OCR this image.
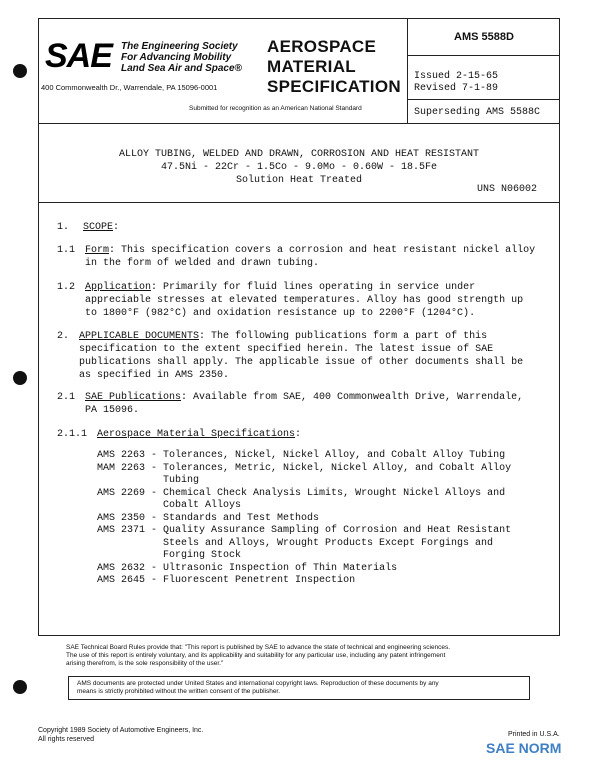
SAE The Engineering Society
For Advancing Mobility
Land Sea Air and Space®
400 Commonwealth Dr., Warrendale, PA 15096-0001
Submitted for recognition as an American National Standard
AEROSPACE
MATERIAL
SPECIFICATION
AMS 5588D
Issued 2-15-65
Revised 7-1-89
Superseding AMS 5588C
ALLOY TUBING, WELDED AND DRAWN, CORROSION AND HEAT RESISTANT
47.5Ni - 22Cr - 1.5Co - 9.0Mo - 0.60W - 18.5Fe
Solution Heat Treated
UNS N06002
1. SCOPE:
1.1 Form: This specification covers a corrosion and heat resistant nickel alloy
in the form of welded and drawn tubing.
1.2 Application: Primarily for fluid lines operating in service under
appreciable stresses at elevated temperatures. Alloy has good strength up
to 1800°F (982°C) and oxidation resistance up to 2200°F (1204°C).
2. APPLICABLE DOCUMENTS: The following publications form a part of this
specification to the extent specified herein. The latest issue of SAE
publications shall apply. The applicable issue of other documents shall be
as specified in AMS 2350.
2.1 SAE Publications: Available from SAE, 400 Commonwealth Drive, Warrendale,
PA 15096.
2.1.1 Aerospace Material Specifications:
AMS 2263 - Tolerances, Nickel, Nickel Alloy, and Cobalt Alloy Tubing
MAM 2263 - Tolerances, Metric, Nickel, Nickel Alloy, and Cobalt Alloy
Tubing
AMS 2269 - Chemical Check Analysis Limits, Wrought Nickel Alloys and
Cobalt Alloys
AMS 2350 - Standards and Test Methods
AMS 2371 - Quality Assurance Sampling of Corrosion and Heat Resistant
Steels and Alloys, Wrought Products Except Forgings and
Forging Stock
AMS 2632 - Ultrasonic Inspection of Thin Materials
AMS 2645 - Fluorescent Penetrent Inspection
SAE Technical Board Rules provide that: "This report is published by SAE to advance the state of technical and engineering sciences.
The use of this report is entirely voluntary, and its applicability and suitability for any particular use, including any patent infringement
arising therefrom, is the sole responsibility of the user."
AMS documents are protected under United States and international copyright laws. Reproduction of these documents by any
means is strictly prohibited without the written consent of the publisher.
Copyright 1989 Society of Automotive Engineers, Inc.
All rights reserved
Printed in U.S.A.
SAE NORM
